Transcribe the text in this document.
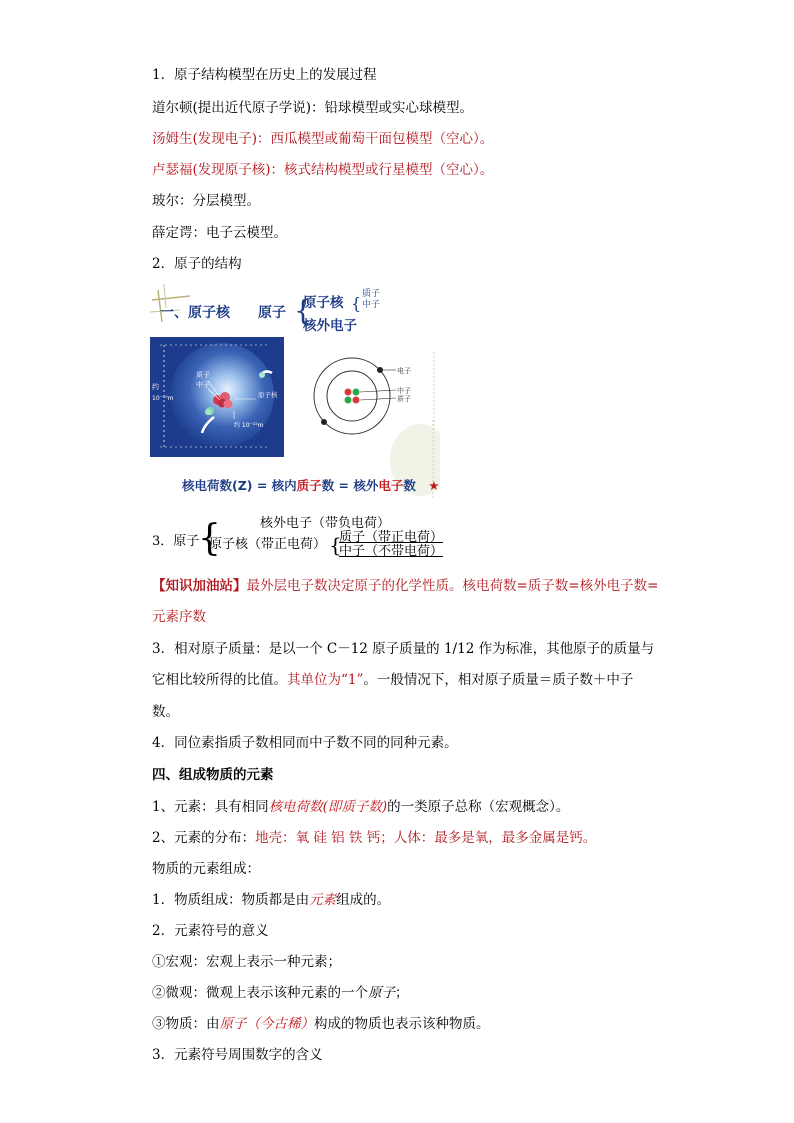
1．原子结构模型在历史上的发展过程
道尔顿(提出近代原子学说)：铅球模型或实心球模型。
汤姆生(发现电子)：西瓜模型或葡萄干面包模型（空心）。
卢瑟福(发现原子核)：核式结构模型或行星模型（空心）。
玻尔：分层模型。
薛定谔：电子云模型。
2．原子的结构
{ {
一、原子核 原子
原子核
核外电子
质子
中子
质子
中子
原子核
约
10⁻¹⁰m
约 10⁻¹⁵m
电子
中子
质子
核电荷数(Z) = 核内质子数 = 核外电子数 ★
{	{
3．原子
核外电子（带负电荷）
原子核（带正电荷） 质子（带正电荷）
中子（不带电荷）
【知识加油站】最外层电子数决定原子的化学性质。核电荷数=质子数=核外电子数=
元素序数
3．相对原子质量：是以一个 C－12 原子质量的 1/12 作为标准，其他原子的质量与
它相比较所得的比值。其单位为“1”。一般情况下，相对原子质量＝质子数＋中子
数。
4．同位素指质子数相同而中子数不同的同种元素。
四、组成物质的元素
1、元素：具有相同核电荷数(即质子数)的一类原子总称（宏观概念）。
2、元素的分布：地壳：氧 硅 铝 铁 钙；人体：最多是氧，最多金属是钙。
物质的元素组成：
1．物质组成：物质都是由元素组成的。
2．元素符号的意义
①宏观：宏观上表示一种元素；
②微观：微观上表示该种元素的一个原子；
③物质：由原子（今古稀）构成的物质也表示该种物质。
3．元素符号周围数字的含义
